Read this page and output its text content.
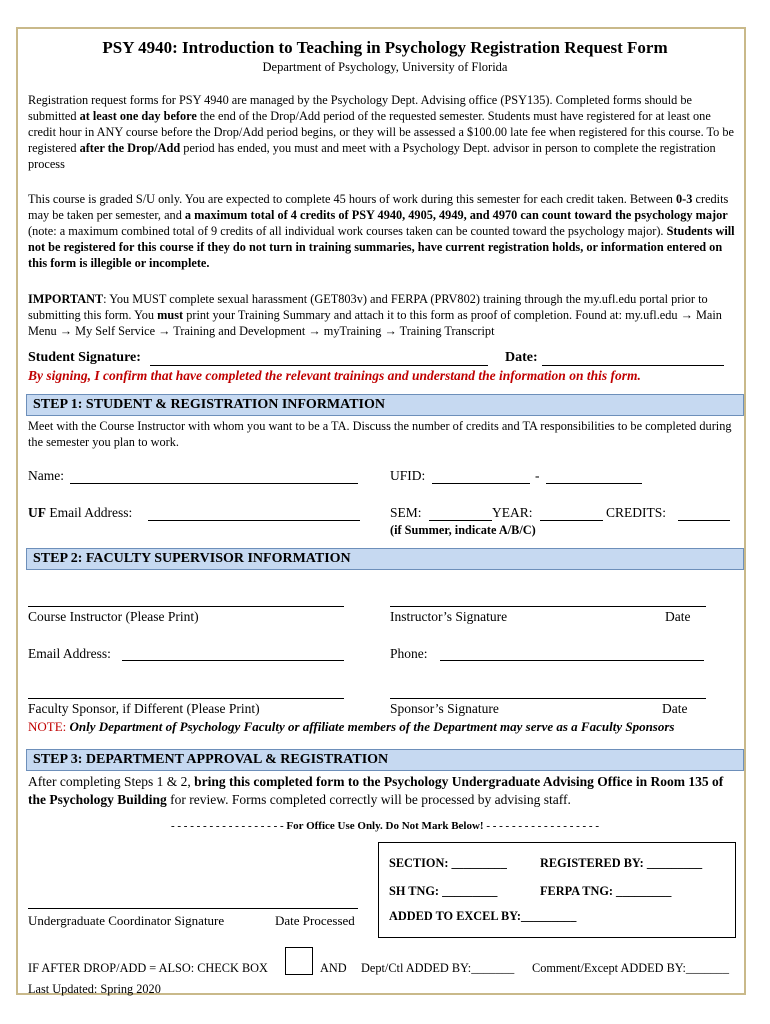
PSY 4940: Introduction to Teaching in Psychology Registration Request Form
Department of Psychology, University of Florida
Registration request forms for PSY 4940 are managed by the Psychology Dept. Advising office (PSY135). Completed forms should be submitted at least one day before the end of the Drop/Add period of the requested semester. Students must have registered for at least one credit hour in ANY course before the Drop/Add period begins, or they will be assessed a $100.00 late fee when registered for this course. To be registered after the Drop/Add period has ended, you must and meet with a Psychology Dept. advisor in person to complete the registration process
This course is graded S/U only. You are expected to complete 45 hours of work during this semester for each credit taken. Between 0-3 credits may be taken per semester, and a maximum total of 4 credits of PSY 4940, 4905, 4949, and 4970 can count toward the psychology major (note: a maximum combined total of 9 credits of all individual work courses taken can be counted toward the psychology major). Students will not be registered for this course if they do not turn in training summaries, have current registration holds, or information entered on this form is illegible or incomplete.
IMPORTANT: You MUST complete sexual harassment (GET803v) and FERPA (PRV802) training through the my.ufl.edu portal prior to submitting this form. You must print your Training Summary and attach it to this form as proof of completion. Found at: my.ufl.edu → Main Menu → My Self Service → Training and Development → myTraining → Training Transcript
Student Signature:	Date:
By signing, I confirm that have completed the relevant trainings and understand the information on this form.
STEP 1: STUDENT & REGISTRATION INFORMATION
Meet with the Course Instructor with whom you want to be a TA. Discuss the number of credits and TA responsibilities to be completed during the semester you plan to work.
Name:	UFID:	-
UF Email Address:	SEM:	YEAR:	CREDITS:
(if Summer, indicate A/B/C)
STEP 2: FACULTY SUPERVISOR INFORMATION
Course Instructor (Please Print)	Instructor’s Signature	Date
Email Address:	Phone:
Faculty Sponsor, if Different (Please Print)	Sponsor’s Signature	Date
NOTE: Only Department of Psychology Faculty or affiliate members of the Department may serve as a Faculty Sponsors
STEP 3: DEPARTMENT APPROVAL & REGISTRATION
After completing Steps 1 & 2, bring this completed form to the Psychology Undergraduate Advising Office in Room 135 of the Psychology Building for review. Forms completed correctly will be processed by advising staff.
- - - - - - - - - - - - - - - - - - For Office Use Only. Do Not Mark Below! - - - - - - - - - - - - - - - - - -
SECTION: _________	REGISTERED BY: _________
SH TNG: _________	FERPA TNG: _________
ADDED TO EXCEL BY:_________
Undergraduate Coordinator Signature	Date Processed
IF AFTER DROP/ADD = ALSO: CHECK BOX	AND Dept/Ctl ADDED BY:_______ Comment/Except ADDED BY:_______
Last Updated: Spring 2020
